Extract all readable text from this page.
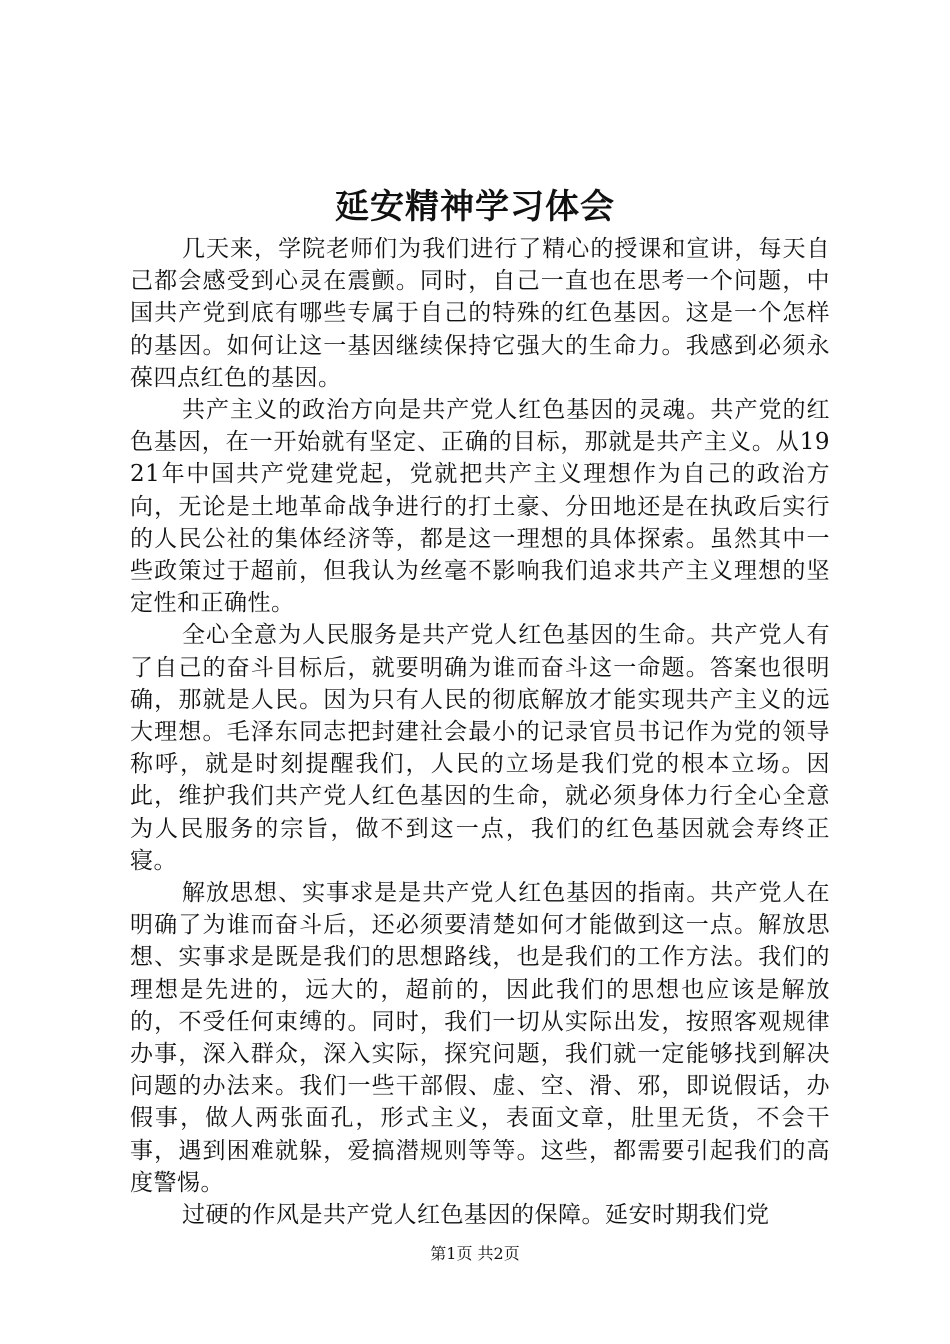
延安精神学习体会

几天来，学院老师们为我们进行了精心的授课和宣讲，每天自己都会感受到心灵在震颤。同时，自己一直也在思考一个问题，中国共产党到底有哪些专属于自己的特殊的红色基因。这是一个怎样的基因。如何让这一基因继续保持它强大的生命力。我感到必须永葆四点红色的基因。

共产主义的政治方向是共产党人红色基因的灵魂。共产党的红色基因，在一开始就有坚定、正确的目标，那就是共产主义。从1921年中国共产党建党起，党就把共产主义理想作为自己的政治方向，无论是土地革命战争进行的打土豪、分田地还是在执政后实行的人民公社的集体经济等，都是这一理想的具体探索。虽然其中一些政策过于超前，但我认为丝毫不影响我们追求共产主义理想的坚定性和正确性。

全心全意为人民服务是共产党人红色基因的生命。共产党人有了自己的奋斗目标后，就要明确为谁而奋斗这一命题。答案也很明确，那就是人民。因为只有人民的彻底解放才能实现共产主义的远大理想。毛泽东同志把封建社会最小的记录官员书记作为党的领导称呼，就是时刻提醒我们，人民的立场是我们党的根本立场。因此，维护我们共产党人红色基因的生命，就必须身体力行全心全意为人民服务的宗旨，做不到这一点，我们的红色基因就会寿终正寝。

解放思想、实事求是是共产党人红色基因的指南。共产党人在明确了为谁而奋斗后，还必须要清楚如何才能做到这一点。解放思想、实事求是既是我们的思想路线，也是我们的工作方法。我们的理想是先进的，远大的，超前的，因此我们的思想也应该是解放的，不受任何束缚的。同时，我们一切从实际出发，按照客观规律办事，深入群众，深入实际，探究问题，我们就一定能够找到解决问题的办法来。我们一些干部假、虚、空、滑、邪，即说假话，办假事，做人两张面孔，形式主义，表面文章，肚里无货，不会干事，遇到困难就躲，爱搞潜规则等等。这些，都需要引起我们的高度警惕。

过硬的作风是共产党人红色基因的保障。延安时期我们党

第1页 共2页
